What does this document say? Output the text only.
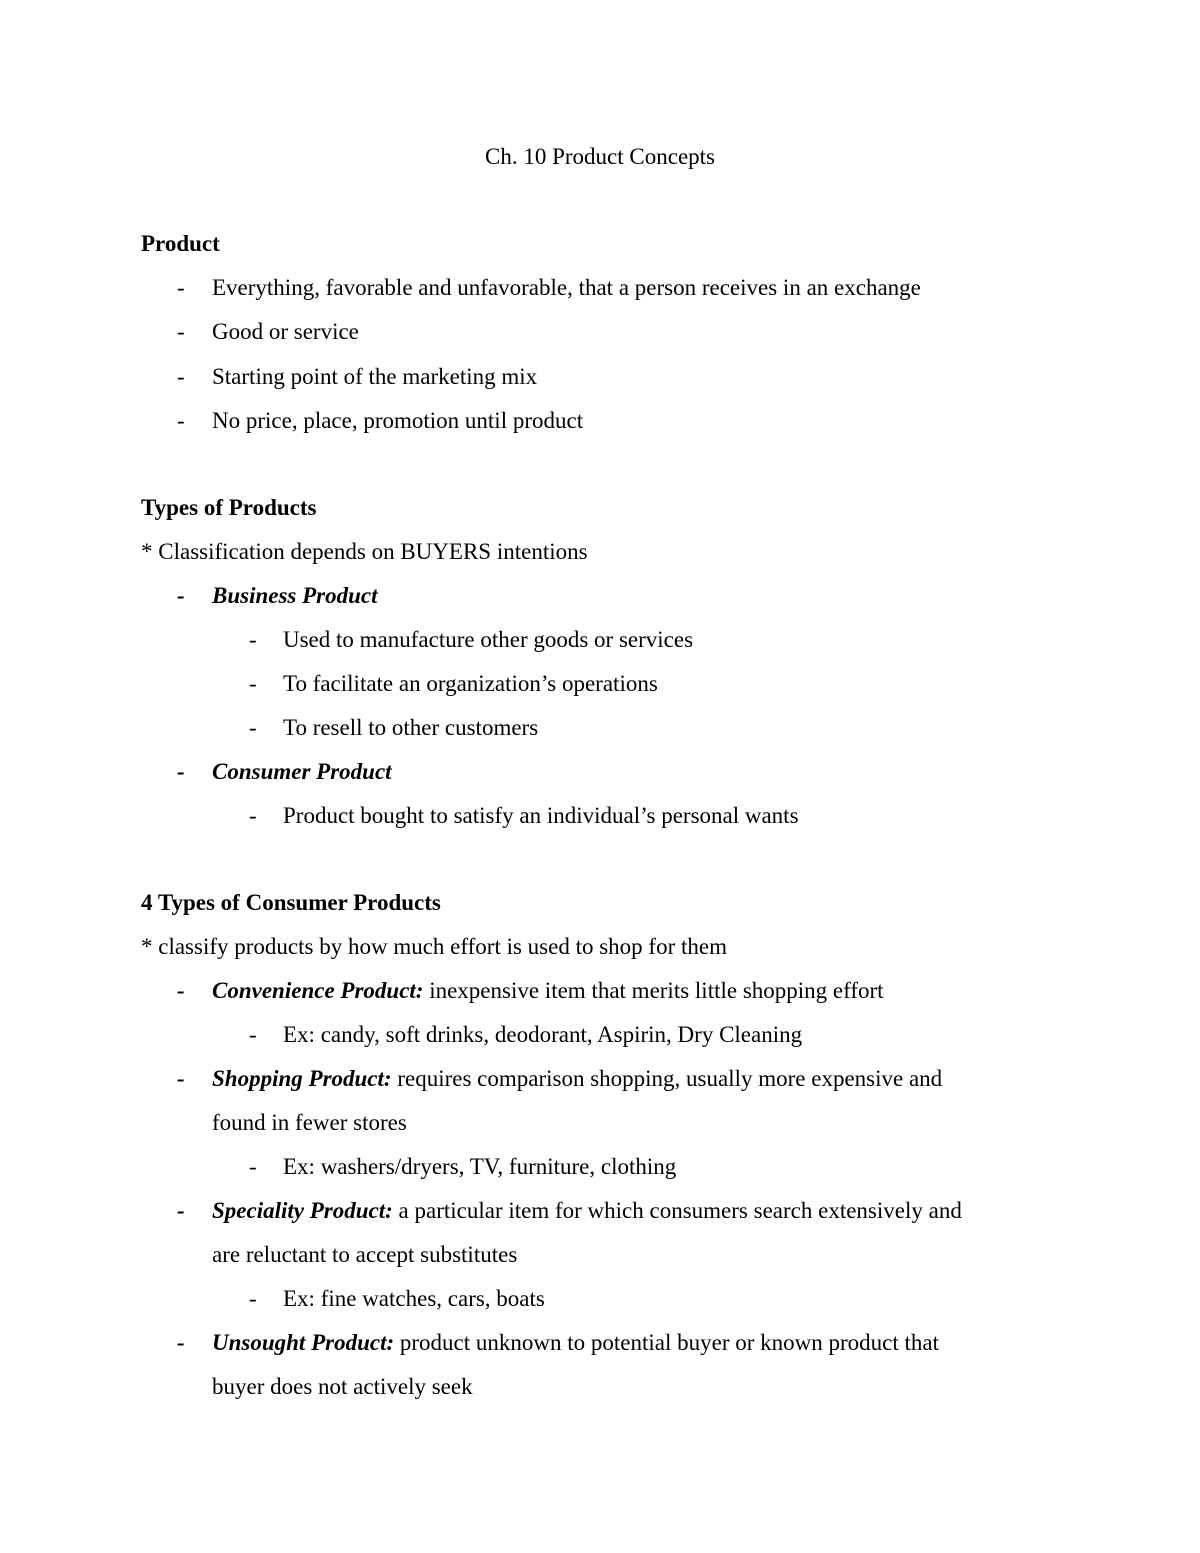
Ch. 10 Product Concepts
Product
- Everything, favorable and unfavorable, that a person receives in an exchange
- Good or service
- Starting point of the marketing mix
- No price, place, promotion until product
Types of Products
* Classification depends on BUYERS intentions
- Business Product
- Used to manufacture other goods or services
- To facilitate an organization’s operations
- To resell to other customers
- Consumer Product
- Product bought to satisfy an individual’s personal wants
4 Types of Consumer Products
* classify products by how much effort is used to shop for them
- Convenience Product: inexpensive item that merits little shopping effort
- Ex: candy, soft drinks, deodorant, Aspirin, Dry Cleaning
- Shopping Product: requires comparison shopping, usually more expensive and
found in fewer stores
- Ex: washers/dryers, TV, furniture, clothing
- Speciality Product: a particular item for which consumers search extensively and
are reluctant to accept substitutes
- Ex: fine watches, cars, boats
- Unsought Product: product unknown to potential buyer or known product that
buyer does not actively seek
